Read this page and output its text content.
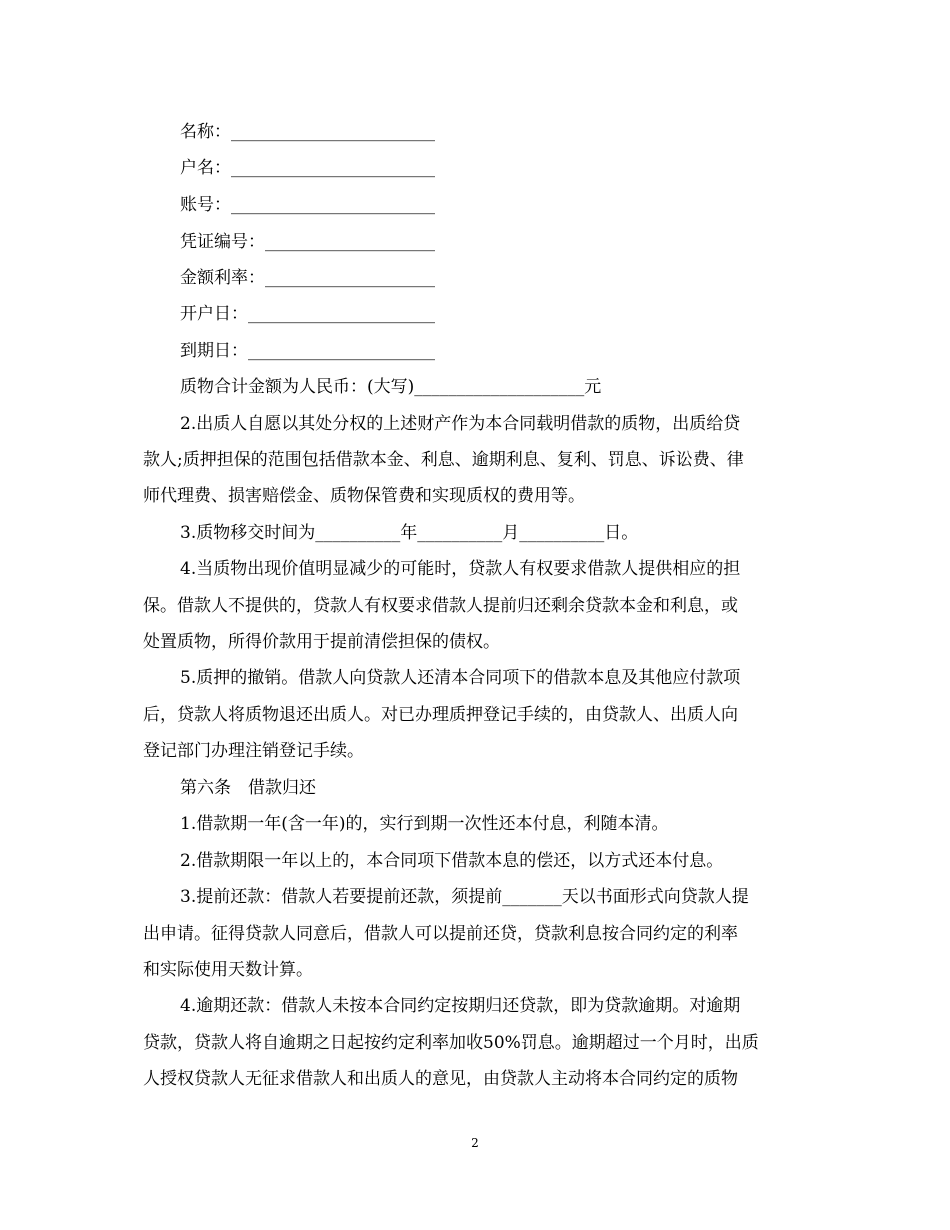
名称：________________________
户名：________________________
账号：________________________
凭证编号：____________________
金额利率：____________________
开户日：______________________
到期日：______________________
质物合计金额为人民币：(大写)____________________元
2.出质人自愿以其处分权的上述财产作为本合同载明借款的质物，出质给贷
款人;质押担保的范围包括借款本金、利息、逾期利息、复利、罚息、诉讼费、律
师代理费、损害赔偿金、质物保管费和实现质权的费用等。
3.质物移交时间为__________年__________月__________日。
4.当质物出现价值明显减少的可能时，贷款人有权要求借款人提供相应的担
保。借款人不提供的，贷款人有权要求借款人提前归还剩余贷款本金和利息，或
处置质物，所得价款用于提前清偿担保的债权。
5.质押的撤销。借款人向贷款人还清本合同项下的借款本息及其他应付款项
后，贷款人将质物退还出质人。对已办理质押登记手续的，由贷款人、出质人向
登记部门办理注销登记手续。
第六条　借款归还
1.借款期一年(含一年)的，实行到期一次性还本付息，利随本清。
2.借款期限一年以上的，本合同项下借款本息的偿还，以方式还本付息。
3.提前还款：借款人若要提前还款，须提前_______天以书面形式向贷款人提
出申请。征得贷款人同意后，借款人可以提前还贷，贷款利息按合同约定的利率
和实际使用天数计算。
4.逾期还款：借款人未按本合同约定按期归还贷款，即为贷款逾期。对逾期
贷款，贷款人将自逾期之日起按约定利率加收50%罚息。逾期超过一个月时，出质
人授权贷款人无征求借款人和出质人的意见，由贷款人主动将本合同约定的质物
2
